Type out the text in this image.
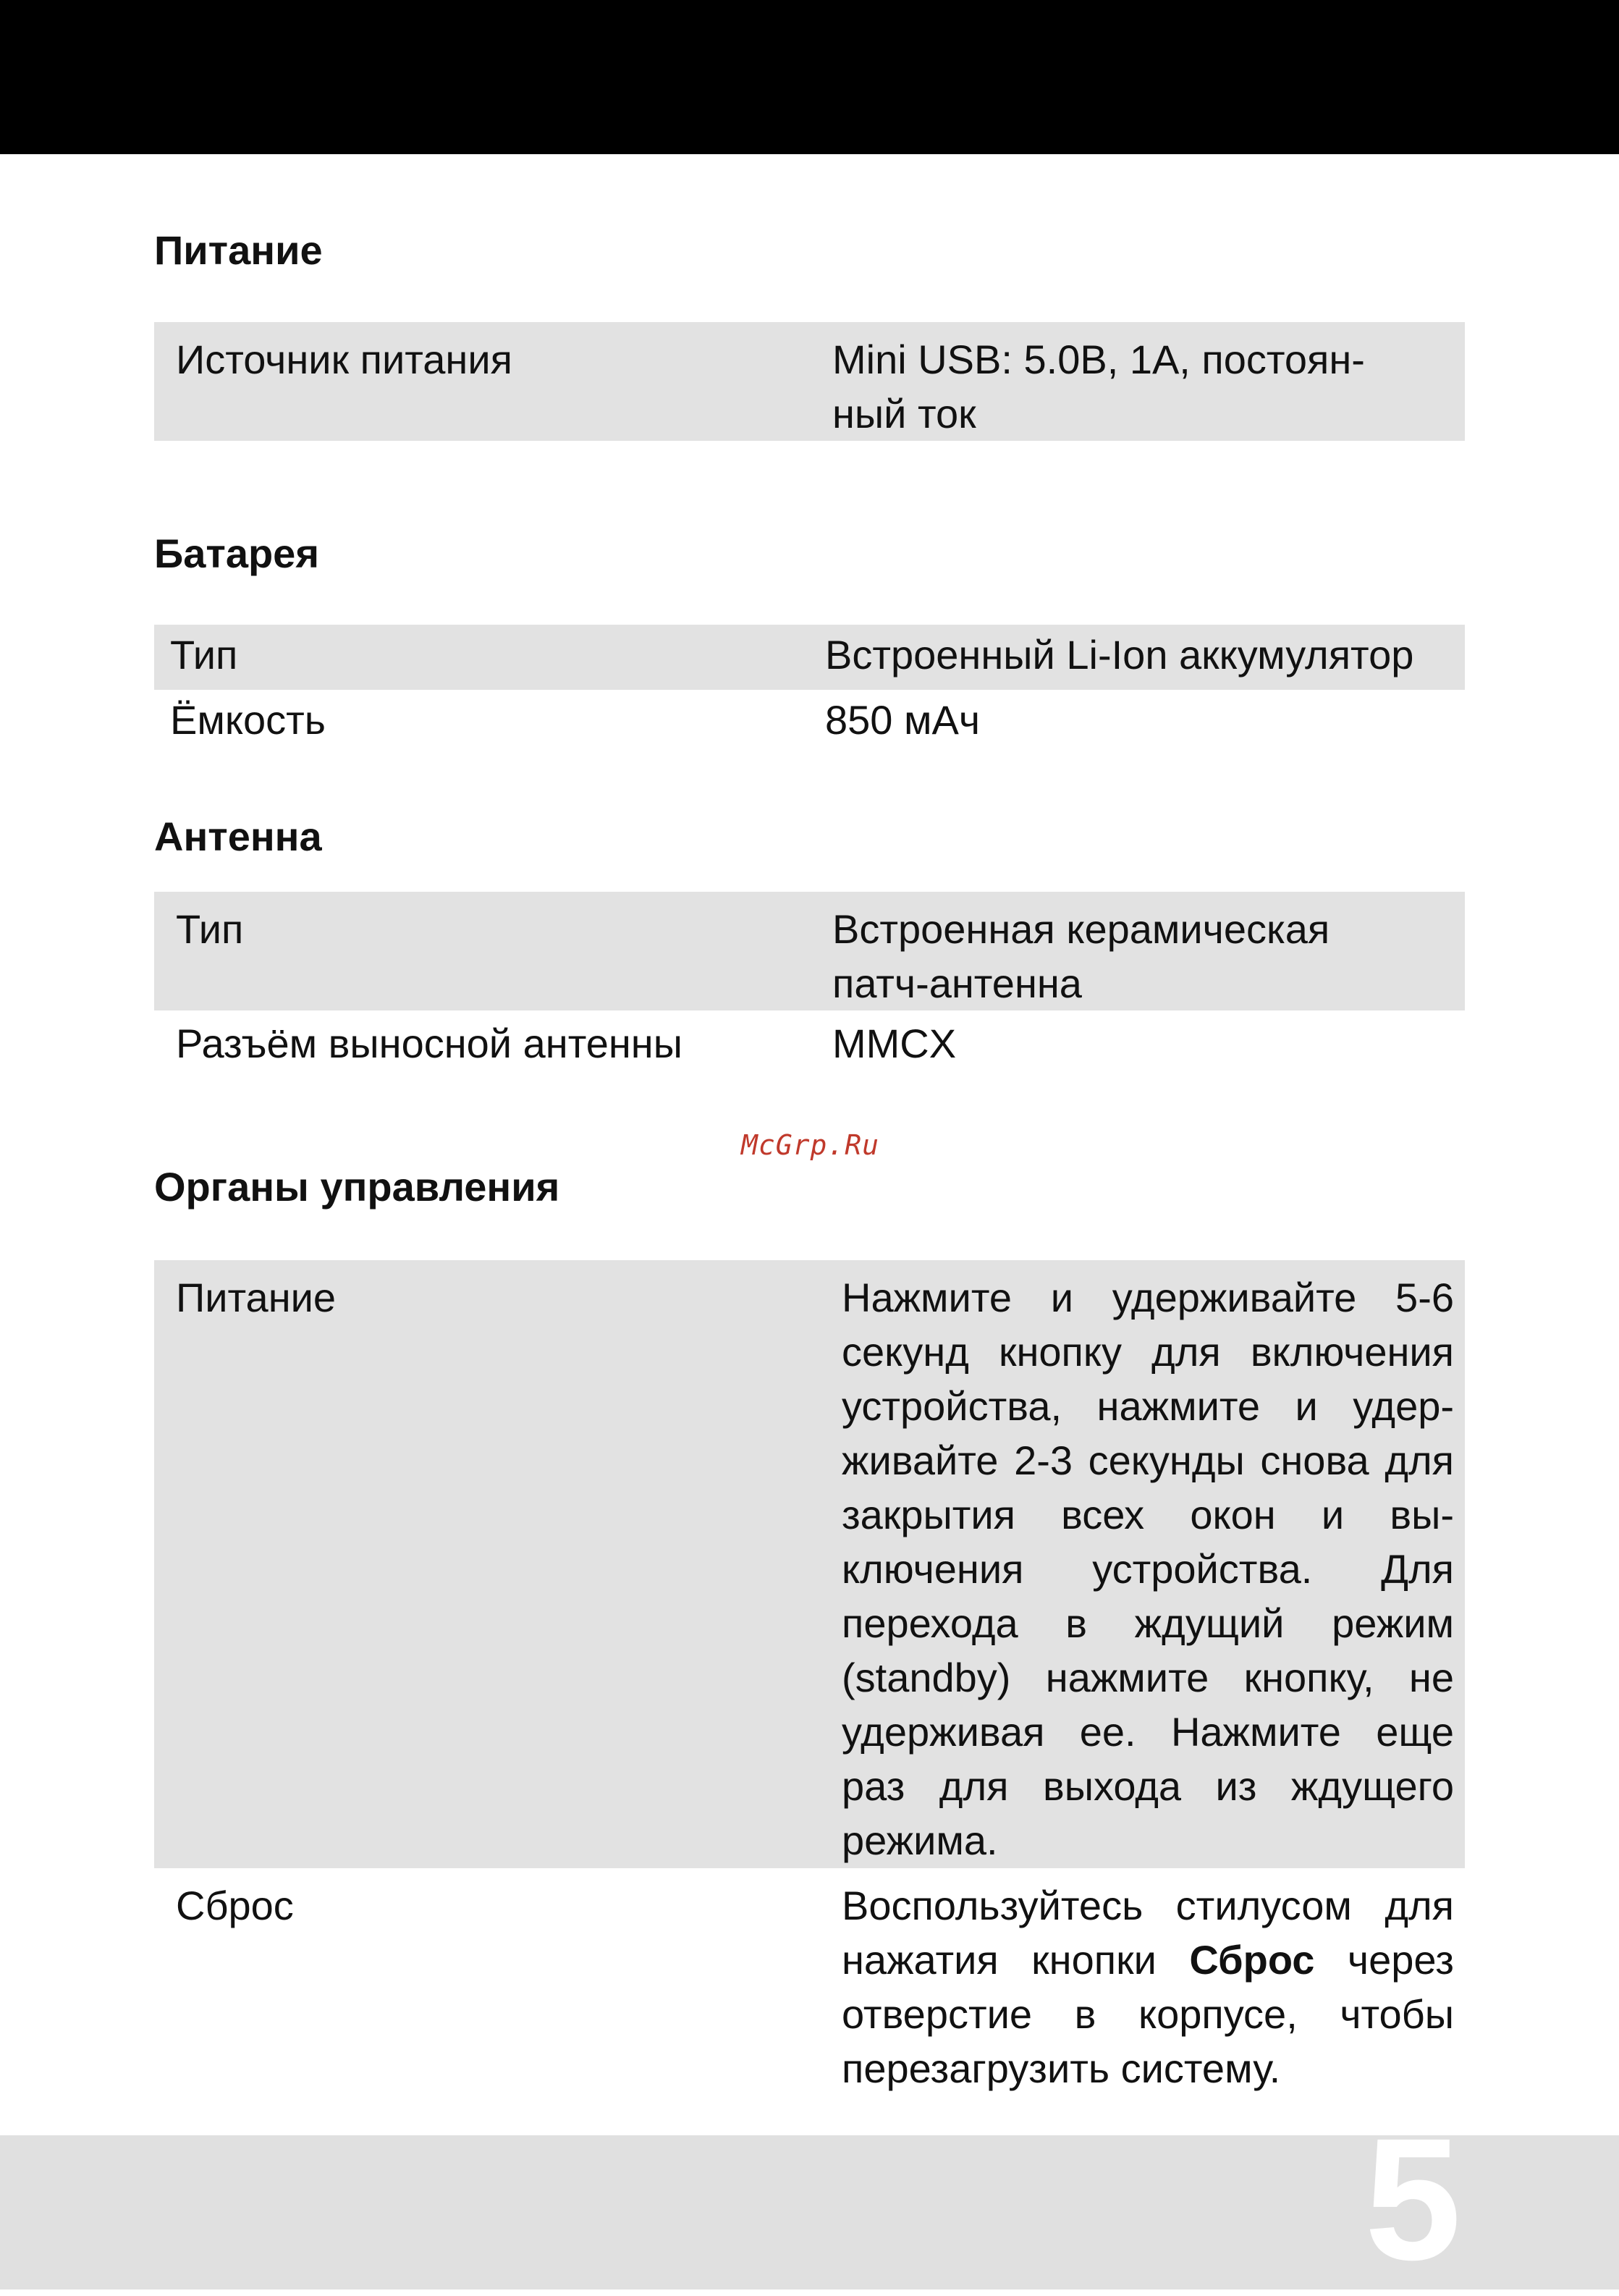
Питание
Источник питания	Mini USB: 5.0В, 1А, постоян-
ный ток
Батарея
Тип	Встроенный Li-Ion аккумулятор
Ёмкость	850 мАч
Антенна
Тип	Встроенная керамическая
патч-антенна
Разъём выносной антенны	MMCX
McGrp.Ru
Органы управления
Питание	Нажмите и удерживайте 5-6 секунд кнопку для включения устройства, нажмите и удер-живайте 2-3 секунды снова для закрытия всех окон и вы-ключения устройства. Для перехода в ждущий режим (standby) нажмите кнопку, не удерживая ее. Нажмите еще раз для выхода из ждущего режима.
Сброс	Воспользуйтесь стилусом для нажатия кнопки Сброс через отверстие в корпусе, чтобы перезагрузить систему.
5
